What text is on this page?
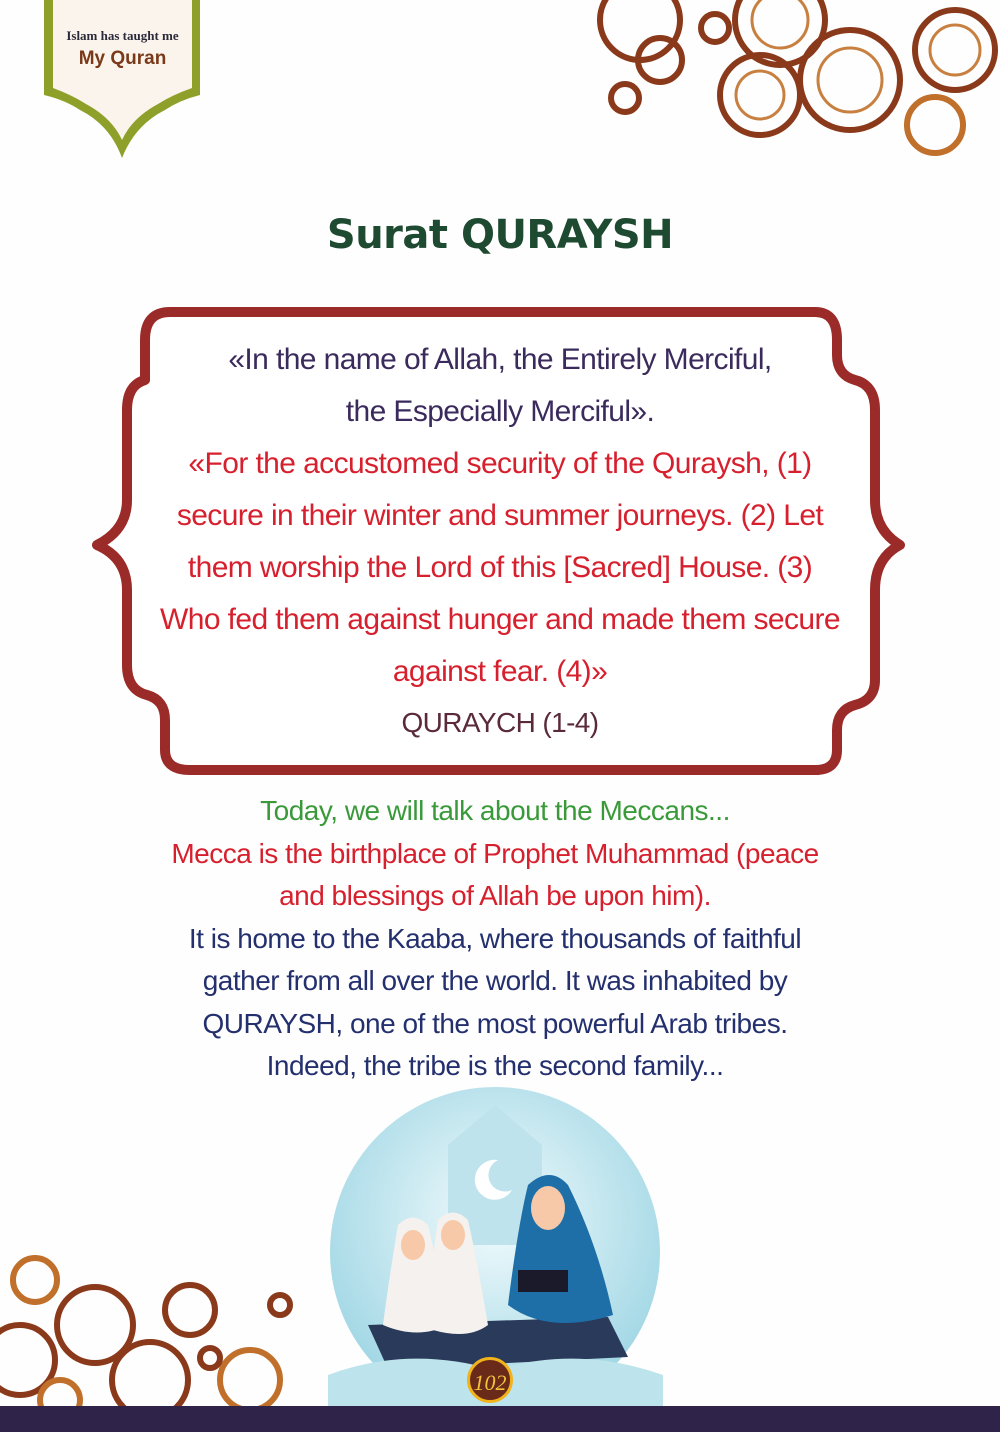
Islam has taught me
My Quran
Surat QURAYSH
«In the name of Allah, the Entirely Merciful,
the Especially Merciful».
«For the accustomed security of the Quraysh, (1)
secure in their winter and summer journeys. (2) Let
them worship the Lord of this [Sacred] House. (3)
Who fed them against hunger and made them secure
against fear. (4)»
QURAYCH (1-4)
Today, we will talk about the Meccans...
Mecca is the birthplace of Prophet Muhammad (peace
and blessings of Allah be upon him).
It is home to the Kaaba, where thousands of faithful
gather from all over the world. It was inhabited by
QURAYSH, one of the most powerful Arab tribes.
Indeed, the tribe is the second family...
102
